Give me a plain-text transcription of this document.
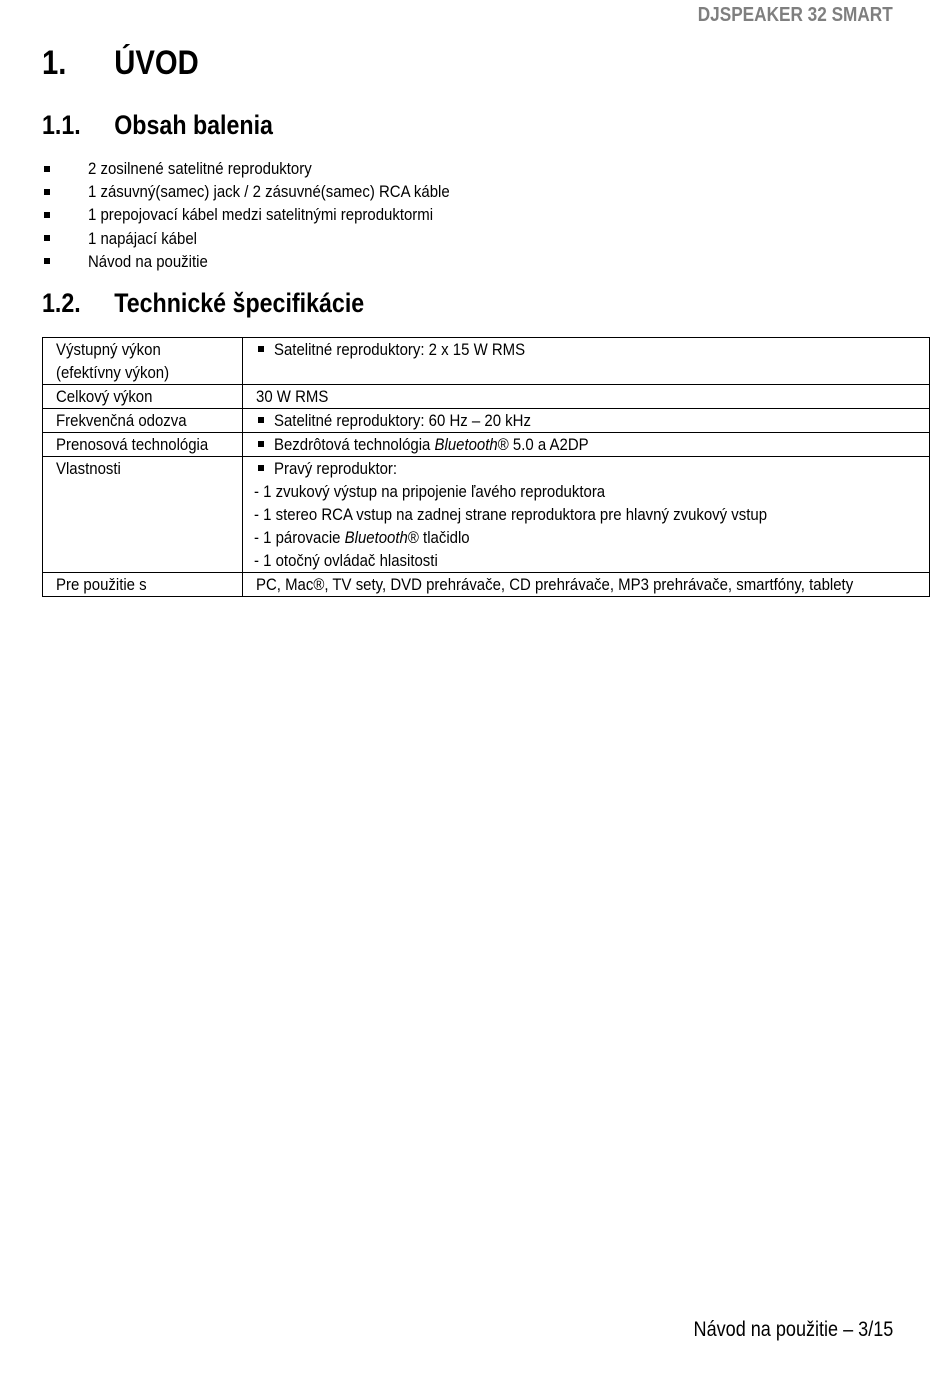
DJSPEAKER 32 SMART
1. ÚVOD
1.1. Obsah balenia
2 zosilnené satelitné reproduktory
1 zásuvný(samec) jack / 2 zásuvné(samec) RCA káble
1 prepojovací kábel medzi satelitnými reproduktormi
1 napájací kábel
Návod na použitie
1.2. Technické špecifikácie
Výstupný výkon
(efektívny výkon)	Satelitné reproduktory: 2 x 15 W RMS

Celkový výkon	30 W RMS

Frekvenčná odozva	Satelitné reproduktory: 60 Hz – 20 kHz

Prenosová technológia	Bezdrôtová technológia Bluetooth® 5.0 a A2DP

Vlastnosti	Pravý reproduktor:
- 1 zvukový výstup na pripojenie ľavého reproduktora
- 1 stereo RCA vstup na zadnej strane reproduktora pre hlavný zvukový vstup
- 1 párovacie Bluetooth® tlačidlo
- 1 otočný ovládač hlasitosti

Pre použitie s	PC, Mac®, TV sety, DVD prehrávače, CD prehrávače, MP3 prehrávače, smartfóny, tablety
Návod na použitie – 3/15
